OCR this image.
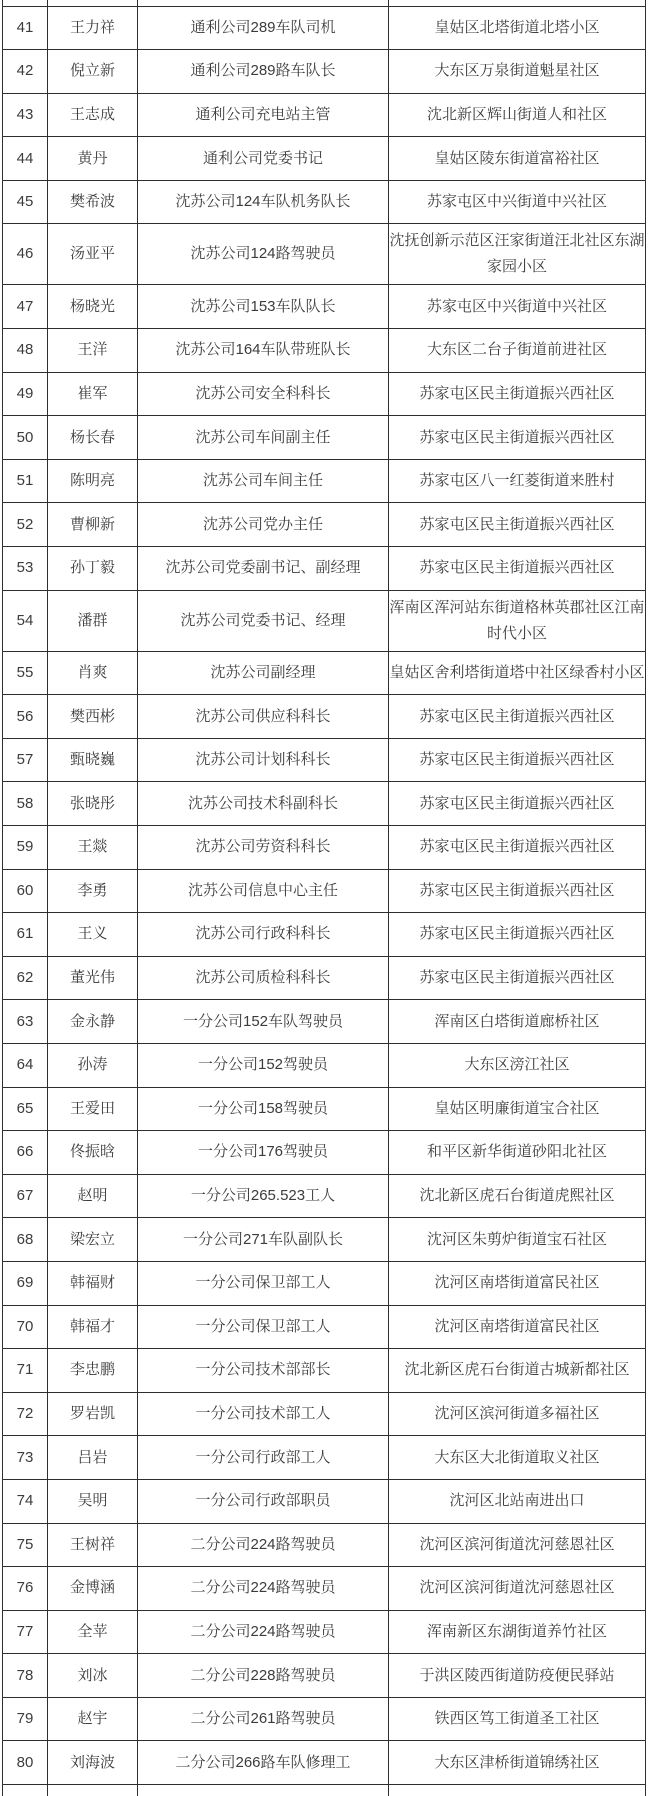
41	王力祥	通利公司289车队司机	皇姑区北塔街道北塔小区
42	倪立新	通利公司289路车队长	大东区万泉街道魁星社区
43	王志成	通利公司充电站主管	沈北新区辉山街道人和社区
44	黄丹	通利公司党委书记	皇姑区陵东街道富裕社区
45	樊希波	沈苏公司124车队机务队长	苏家屯区中兴街道中兴社区
46	汤亚平	沈苏公司124路驾驶员	沈抚创新示范区汪家街道汪北社区东湖家园小区
47	杨晓光	沈苏公司153车队队长	苏家屯区中兴街道中兴社区
48	王洋	沈苏公司164车队带班队长	大东区二台子街道前进社区
49	崔军	沈苏公司安全科科长	苏家屯区民主街道振兴西社区
50	杨长春	沈苏公司车间副主任	苏家屯区民主街道振兴西社区
51	陈明亮	沈苏公司车间主任	苏家屯区八一红菱街道来胜村
52	曹柳新	沈苏公司党办主任	苏家屯区民主街道振兴西社区
53	孙丁毅	沈苏公司党委副书记、副经理	苏家屯区民主街道振兴西社区
54	潘群	沈苏公司党委书记、经理	浑南区浑河站东街道格林英郡社区江南时代小区
55	肖爽	沈苏公司副经理	皇姑区舍利塔街道塔中社区绿香村小区
56	樊西彬	沈苏公司供应科科长	苏家屯区民主街道振兴西社区
57	甄晓巍	沈苏公司计划科科长	苏家屯区民主街道振兴西社区
58	张晓彤	沈苏公司技术科副科长	苏家屯区民主街道振兴西社区
59	王燚	沈苏公司劳资科科长	苏家屯区民主街道振兴西社区
60	李勇	沈苏公司信息中心主任	苏家屯区民主街道振兴西社区
61	王义	沈苏公司行政科科长	苏家屯区民主街道振兴西社区
62	董光伟	沈苏公司质检科科长	苏家屯区民主街道振兴西社区
63	金永静	一分公司152车队驾驶员	浑南区白塔街道廊桥社区
64	孙涛	一分公司152驾驶员	大东区滂江社区
65	王爱田	一分公司158驾驶员	皇姑区明廉街道宝合社区
66	佟振晗	一分公司176驾驶员	和平区新华街道砂阳北社区
67	赵明	一分公司265.523工人	沈北新区虎石台街道虎熙社区
68	梁宏立	一分公司271车队副队长	沈河区朱剪炉街道宝石社区
69	韩福财	一分公司保卫部工人	沈河区南塔街道富民社区
70	韩福才	一分公司保卫部工人	沈河区南塔街道富民社区
71	李忠鹏	一分公司技术部部长	沈北新区虎石台街道古城新都社区
72	罗岩凯	一分公司技术部工人	沈河区滨河街道多福社区
73	吕岩	一分公司行政部工人	大东区大北街道取义社区
74	吴明	一分公司行政部职员	沈河区北站南进出口
75	王树祥	二分公司224路驾驶员	沈河区滨河街道沈河慈恩社区
76	金博涵	二分公司224路驾驶员	沈河区滨河街道沈河慈恩社区
77	全苹	二分公司224路驾驶员	浑南新区东湖街道养竹社区
78	刘冰	二分公司228路驾驶员	于洪区陵西街道防疫便民驿站
79	赵宇	二分公司261路驾驶员	铁西区笃工街道圣工社区
80	刘海波	二分公司266路车队修理工	大东区津桥街道锦绣社区
